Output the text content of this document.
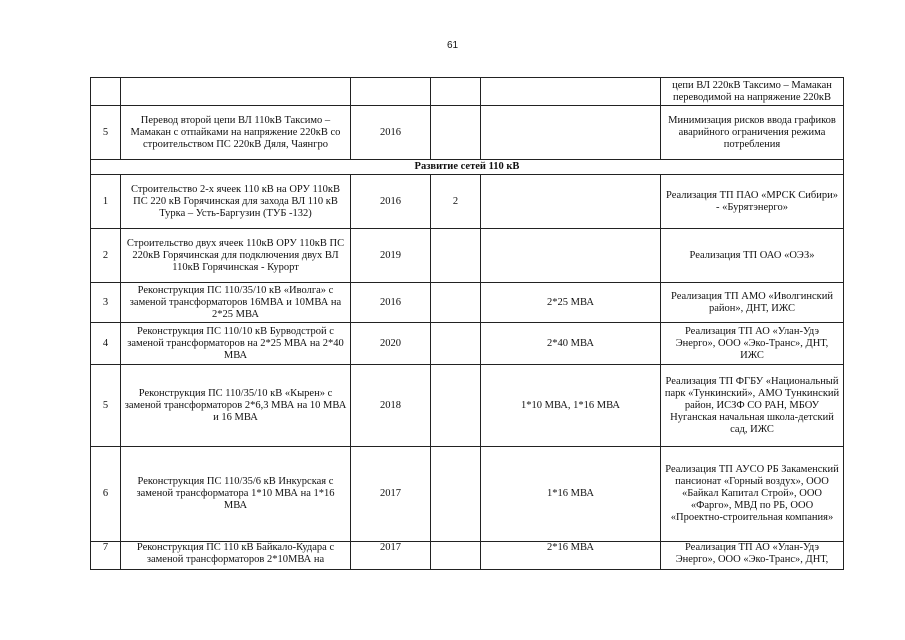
61
					цепи ВЛ 220кВ Таксимо – Мамакан переводимой на напряжение 220кВ
5	Перевод второй цепи ВЛ 110кВ Таксимо – Мамакан с отпайками на напряжение 220кВ со строительством ПС 220кВ Дяля, Чаянгро	2016			Минимизация рисков ввода графиков аварийного ограничения режима потребления
Развитие сетей 110 кВ					
1	Строительство 2-х ячеек 110 кВ на ОРУ 110кВ ПС 220 кВ Горячинская для захода ВЛ 110 кВ Турка – Усть-Баргузин (ТУБ -132)	2016	2		Реализация ТП ПАО «МРСК Сибири» - «Бурятэнерго»
2	Строительство двух ячеек 110кВ ОРУ 110кВ ПС 220кВ Горячинская для подключения двух ВЛ 110кВ Горячинская - Курорт	2019			Реализация ТП ОАО «ОЭЗ»
3	Реконструкция ПС 110/35/10 кВ «Иволга» с заменой трансформаторов 16МВА и 10МВА на 2*25 МВА	2016		2*25 МВА	Реализация ТП АМО «Иволгинский район», ДНТ, ИЖС
4	Реконструкция ПС 110/10 кВ Бурводстрой с заменой трансформаторов на 2*25 МВА на 2*40 МВА	2020		2*40 МВА	Реализация ТП АО «Улан-Удэ Энерго», ООО «Эко-Транс», ДНТ, ИЖС
5	Реконструкция ПС 110/35/10 кВ «Кырен» с заменой трансформаторов 2*6,3 МВА на 10 МВА и 16 МВА	2018		1*10 МВА, 1*16 МВА	Реализация ТП ФГБУ «Национальный парк «Тункинский», АМО Тункинский район, ИСЗФ СО РАН, МБОУ Нуганская начальная школа-детский сад, ИЖС
6	Реконструкция ПС 110/35/6 кВ Инкурская с заменой трансформатора 1*10 МВА на 1*16 МВА	2017		1*16 МВА	Реализация ТП АУСО РБ Закаменский пансионат «Горный воздух», ООО «Байкал Капитал Строй», ООО «Фарго», МВД по РБ, ООО «Проектно-строительная компания»
7	Реконструкция ПС 110 кВ Байкало-Кудара с заменой трансформаторов 2*10МВА на	2017		2*16 МВА	Реализация ТП АО «Улан-Удэ Энерго», ООО «Эко-Транс», ДНТ,
